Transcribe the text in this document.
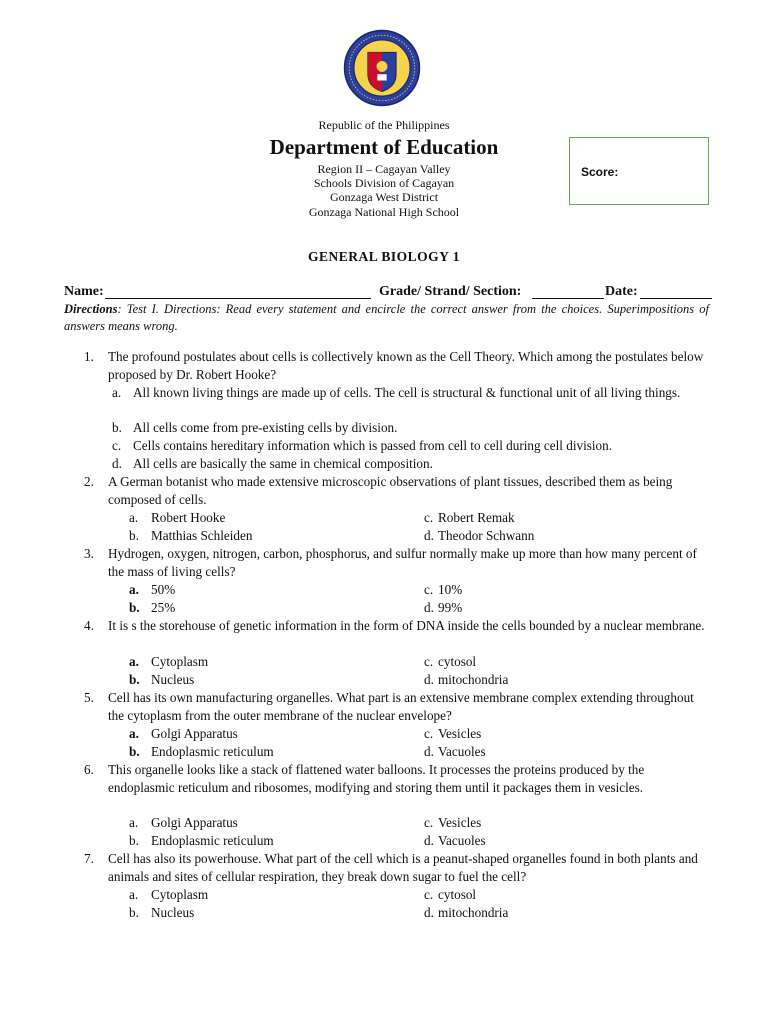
Republic of the Philippines
Department of Education
Region II – Cagayan Valley
Schools Division of Cagayan
Gonzaga West District
Gonzaga National High School
Score:
GENERAL BIOLOGY 1
Name:	Grade/ Strand/ Section:	Date:
Directions: Test I. Directions: Read every statement and encircle the correct answer from the choices. Superimpositions of answers means wrong.
1. The profound postulates about cells is collectively known as the Cell Theory. Which among the postulates below proposed by Dr. Robert Hooke?
a. All known living things are made up of cells. The cell is structural & functional unit of all living things.
b. All cells come from pre-existing cells by division.
c. Cells contains hereditary information which is passed from cell to cell during cell division.
d. All cells are basically the same in chemical composition.
2. A German botanist who made extensive microscopic observations of plant tissues, described them as being composed of cells.
a. Robert Hooke	c. Robert Remak
b. Matthias Schleiden	d. Theodor Schwann
3. Hydrogen, oxygen, nitrogen, carbon, phosphorus, and sulfur normally make up more than how many percent of the mass of living cells?
a. 50%	c. 10%
b. 25%	d. 99%
4. It is s the storehouse of genetic information in the form of DNA inside the cells bounded by a nuclear membrane.
a. Cytoplasm	c. cytosol
b. Nucleus	d. mitochondria
5. Cell has its own manufacturing organelles. What part is an extensive membrane complex extending throughout the cytoplasm from the outer membrane of the nuclear envelope?
a. Golgi Apparatus	c. Vesicles
b. Endoplasmic reticulum	d. Vacuoles
6. This organelle looks like a stack of flattened water balloons. It processes the proteins produced by the endoplasmic reticulum and ribosomes, modifying and storing them until it packages them in vesicles.
a. Golgi Apparatus	c. Vesicles
b. Endoplasmic reticulum	d. Vacuoles
7. Cell has also its powerhouse. What part of the cell which is a peanut-shaped organelles found in both plants and animals and sites of cellular respiration, they break down sugar to fuel the cell?
a. Cytoplasm	c. cytosol
b. Nucleus	d. mitochondria
